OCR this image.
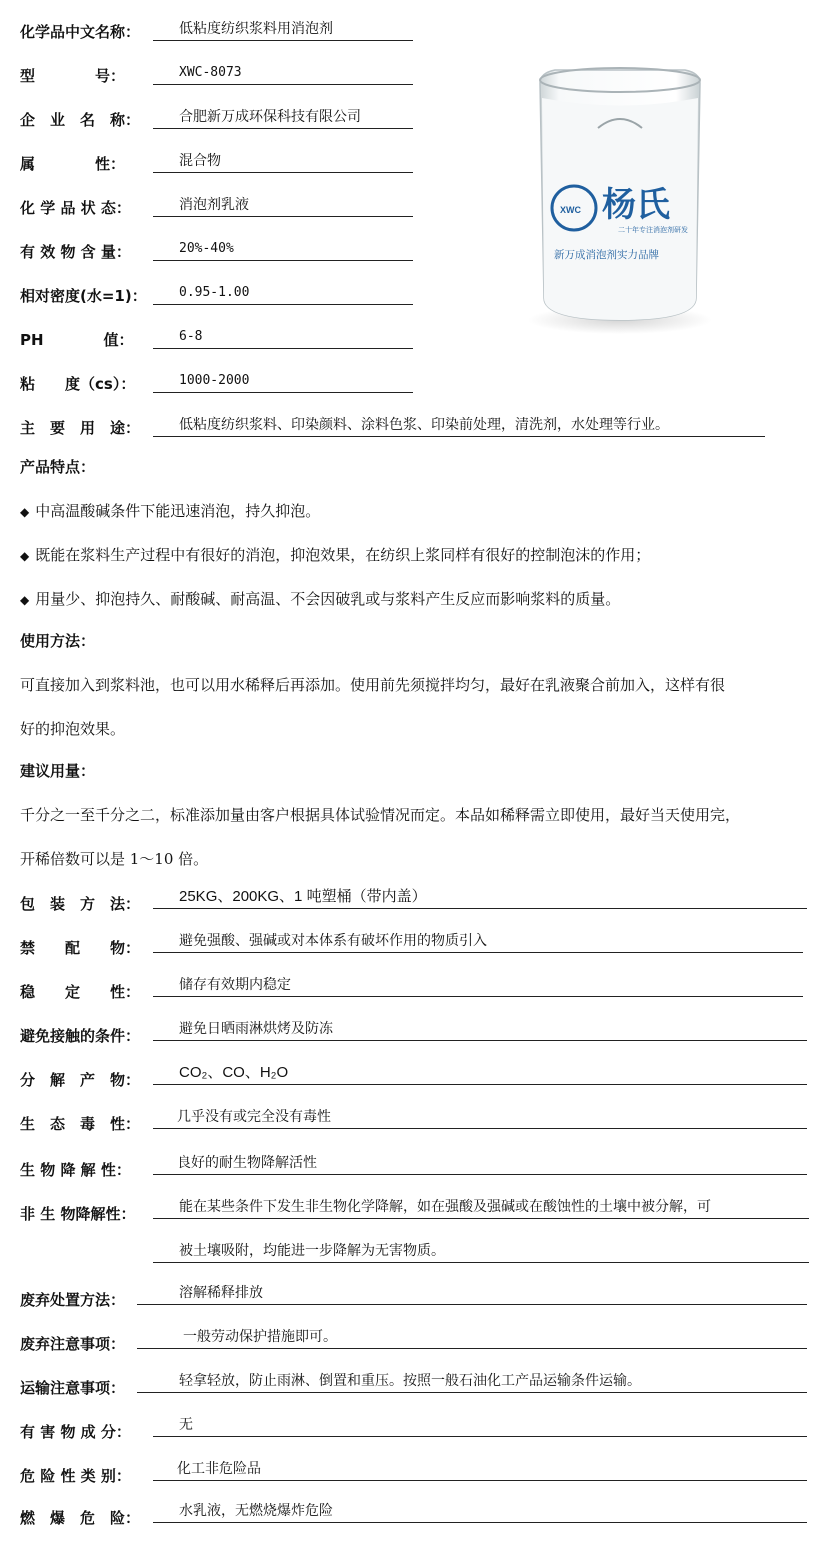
化学品中文名称：	低粘度纺织浆料用消泡剂
型　　　　号：	XWC-8073
企　业　名　称：	合肥新万成环保科技有限公司
属　　　　性：	混合物
化 学 品 状 态：	消泡剂乳液
有 效 物 含 量：	20%-40%
相对密度(水=1)：	0.95-1.00
PH　　　　值：	6-8
粘　　度（cs）：	1000-2000
主　要　用　途：	低粘度纺织浆料、印染颜料、涂料色浆、印染前处理，清洗剂，水处理等行业。
XWC 杨氏
二十年专注消泡剂研发
新万成消泡剂实力品牌
产品特点：
◆ 中高温酸碱条件下能迅速消泡，持久抑泡。
◆ 既能在浆料生产过程中有很好的消泡，抑泡效果，在纺织上浆同样有很好的控制泡沫的作用；
◆ 用量少、抑泡持久、耐酸碱、耐高温、不会因破乳或与浆料产生反应而影响浆料的质量。
使用方法：
可直接加入到浆料池，也可以用水稀释后再添加。使用前先须搅拌均匀，最好在乳液聚合前加入，这样有很
好的抑泡效果。
建议用量：
千分之一至千分之二，标准添加量由客户根据具体试验情况而定。本品如稀释需立即使用，最好当天使用完，
开稀倍数可以是 1～10 倍。
包　装　方　法：	25KG、200KG、1 吨塑桶（带内盖）
禁　　配　　物：	避免强酸、强碱或对本体系有破坏作用的物质引入
稳　　定　　性：	储存有效期内稳定
避免接触的条件：	避免日晒雨淋烘烤及防冻
分　解　产　物：	CO₂、CO、H₂O
生　态　毒　性：	几乎没有或完全没有毒性
生 物 降 解 性：	良好的耐生物降解活性
非 生 物降解性：	能在某些条件下发生非生物化学降解，如在强酸及强碱或在酸蚀性的土壤中被分解，可
被土壤吸附，均能进一步降解为无害物质。
废弃处置方法：	溶解稀释排放
废弃注意事项：	一般劳动保护措施即可。
运输注意事项：	轻拿轻放，防止雨淋、倒置和重压。按照一般石油化工产品运输条件运输。
有 害 物 成 分：	无
危 险 性 类 别：	化工非危险品
燃　爆　危　险：	水乳液，无燃烧爆炸危险
